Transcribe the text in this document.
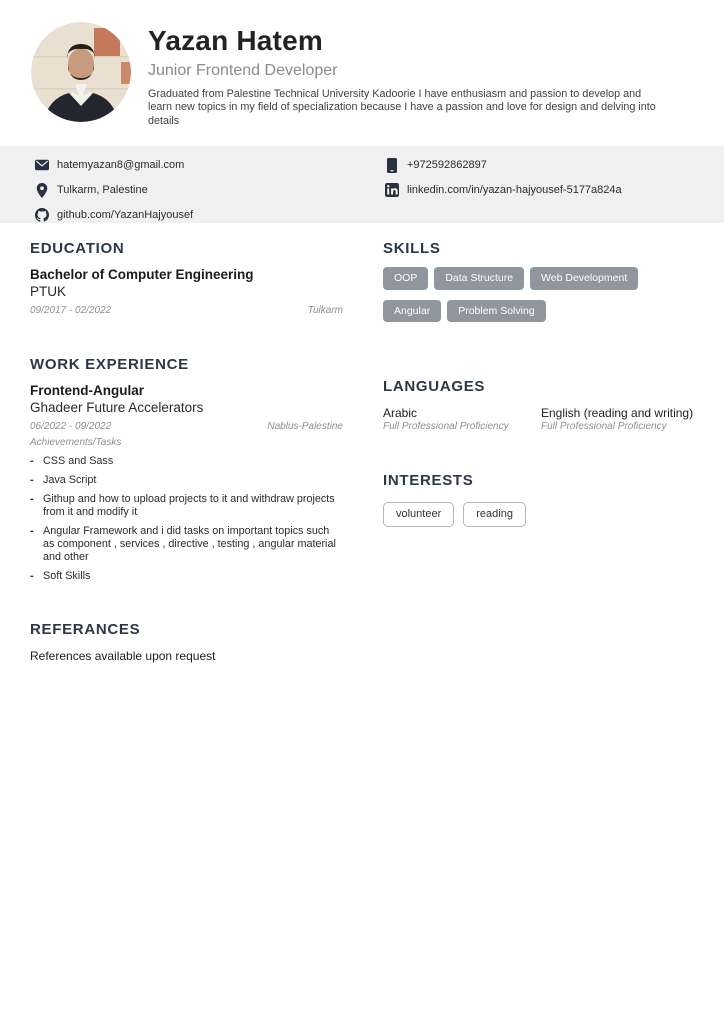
Yazan Hatem
Junior Frontend Developer
Graduated from Palestine Technical University Kadoorie I have enthusiasm and passion to develop and learn new topics in my field of specialization because I have a passion and love for design and delving into details
hatemyazan8@gmail.com
Tulkarm, Palestine
github.com/YazanHajyousef
+972592862897
linkedin.com/in/yazan-hajyousef-5177a824a
EDUCATION
Bachelor of Computer Engineering
PTUK
09/2017 - 02/2022	Tulkarm
WORK EXPERIENCE
Frontend-Angular
Ghadeer Future Accelerators
06/2022 - 09/2022	Nablus-Palestine
Achievements/Tasks
- CSS and Sass
- Java Script
- Githup and how to upload projects to it and withdraw projects from it and modify it
- Angular Framework and i did tasks on important topics such as component , services , directive , testing , angular material and other
- Soft Skills
REFERANCES
References available upon request
SKILLS
OOP	Data Structure	Web Development
Angular	Problem Solving
LANGUAGES
Arabic
Full Professional Proficiency
English (reading and writing)
Full Professional Proficiency
INTERESTS
volunteer	reading
